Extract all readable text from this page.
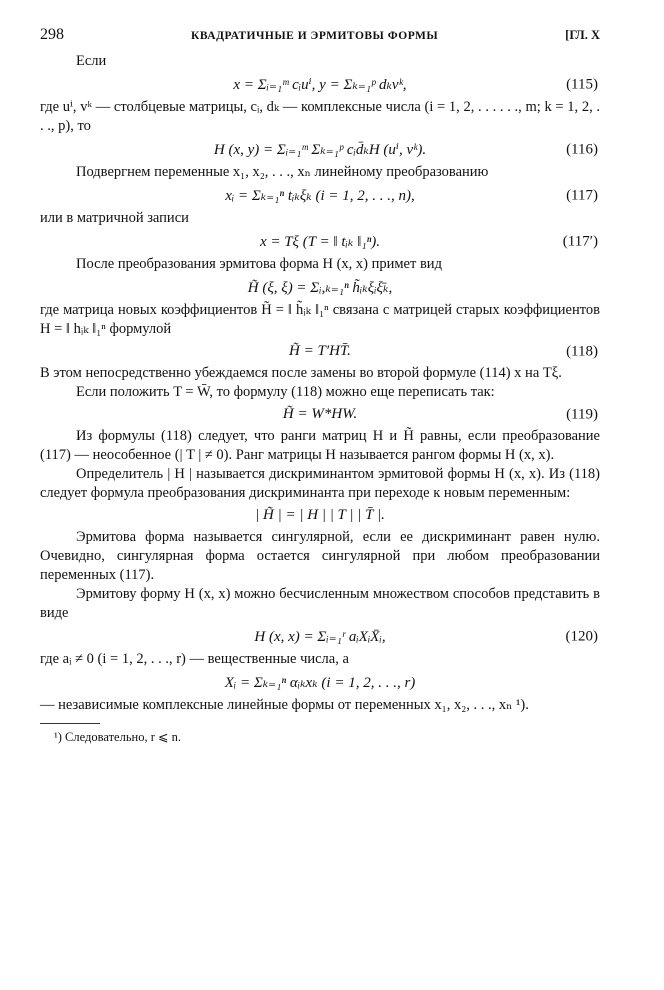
298	КВАДРАТИЧНЫЕ И ЭРМИТОВЫ ФОРМЫ	[ГЛ. X

Если

x = Σᵢ₌₁ᵐ cᵢuⁱ, y = Σₖ₌₁ᵖ dₖvᵏ,	(115)

где uⁱ, vᵏ — столбцевые матрицы, cᵢ, dₖ — комплексные числа (i = 1, 2, . . . . . ., m; k = 1, 2, . . ., p), то

H (x, y) = Σᵢ₌₁ᵐ Σₖ₌₁ᵖ cᵢd̄ₖH (uⁱ, vᵏ).	(116)

Подвергнем переменные x₁, x₂, . . ., xₙ линейному преобразованию

xᵢ = Σₖ₌₁ⁿ tᵢₖξₖ (i = 1, 2, . . ., n),	(117)

или в матричной записи

x = Tξ (T = ‖ tᵢₖ ‖₁ⁿ).	(117′)

После преобразования эрмитова форма H (x, x) примет вид

H̃ (ξ, ξ) = Σᵢ,ₖ₌₁ⁿ h̃ᵢₖξᵢξ̄ₖ,

где матрица новых коэффициентов H̃ = ‖ h̃ᵢₖ ‖₁ⁿ связана с матрицей старых коэффициентов H = ‖ hᵢₖ ‖₁ⁿ формулой

H̃ = T′HT̄.	(118)

В этом непосредственно убеждаемся после замены во второй формуле (114) x на Tξ.

Если положить T = W̄, то формулу (118) можно еще переписать так:

H̃ = W*HW.	(119)

Из формулы (118) следует, что ранги матриц H и H̃ равны, если преобразование (117) — неособенное (| T | ≠ 0). Ранг матрицы H называется рангом формы H (x, x).

Определитель | H | называется дискриминантом эрмитовой формы H (x, x). Из (118) следует формула преобразования дискриминанта при переходе к новым переменным:

| H̃ | = | H | | T | | T̄ |.

Эрмитова форма называется сингулярной, если ее дискриминант равен нулю. Очевидно, сингулярная форма остается сингулярной при любом преобразовании переменных (117).

Эрмитову форму H (x, x) можно бесчисленным множеством способов представить в виде

H (x, x) = Σᵢ₌₁ʳ aᵢXᵢX̄ᵢ,	(120)

где aᵢ ≠ 0 (i = 1, 2, . . ., r) — вещественные числа, а

Xᵢ = Σₖ₌₁ⁿ αᵢₖxₖ (i = 1, 2, . . ., r)

— независимые комплексные линейные формы от переменных x₁, x₂, . . ., xₙ ¹).

¹) Следовательно, r ⩽ n.
